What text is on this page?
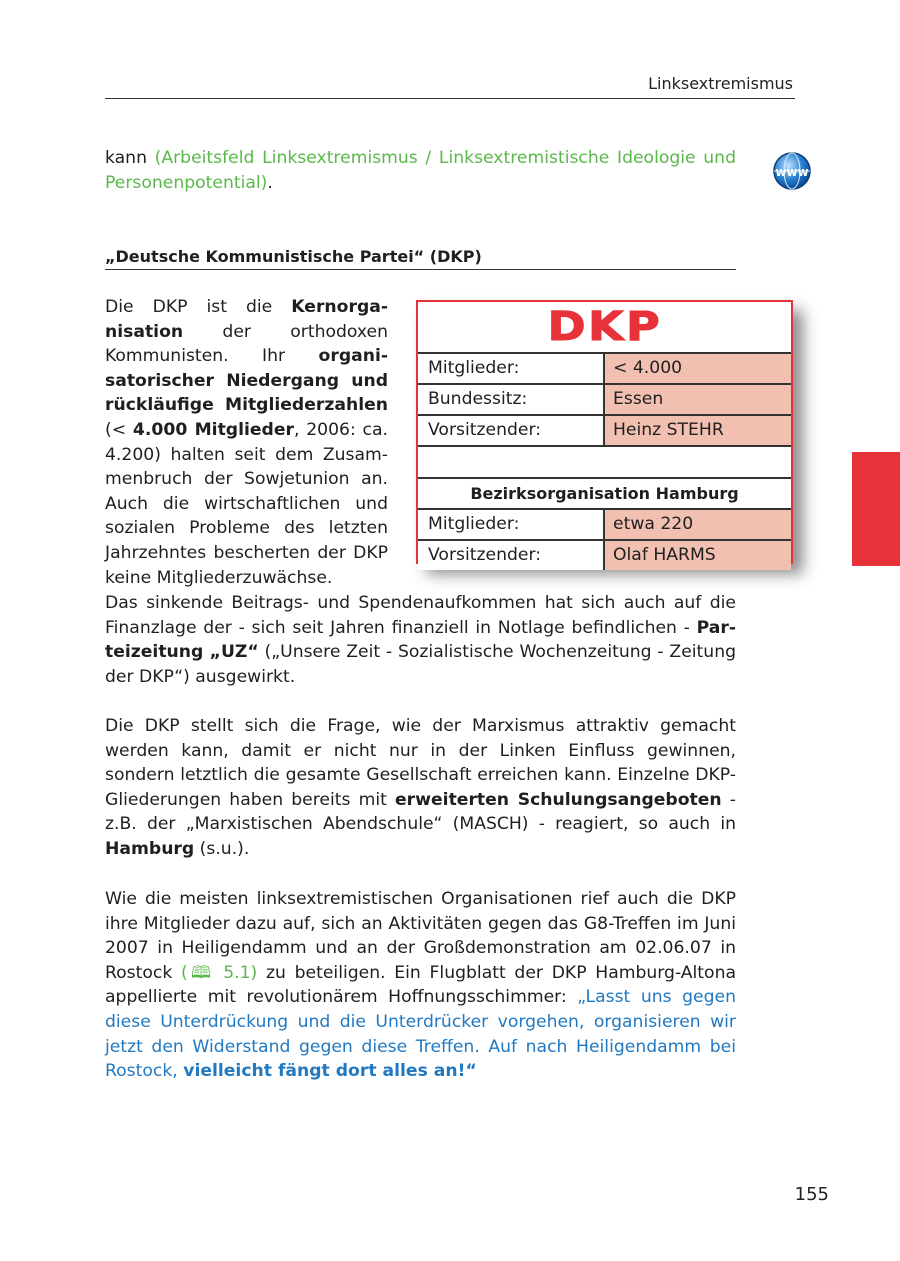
Linksextremismus
www
kann (Arbeitsfeld Linksextremismus / Linksextremistische Ideologie und Personenpotential).
„Deutsche Kommunistische Partei“ (DKP)
Die DKP ist die Kernorganisation der orthodoxen Kommunisten. Ihr organisatorischer Niedergang und rückläufige Mitgliederzahlen (< 4.000 Mitglieder, 2006: ca. 4.200) halten seit dem Zusammenbruch der Sowjetunion an. Auch die wirtschaftlichen und sozialen Probleme des letzten Jahrzehntes bescherten der DKP keine Mitgliederzuwächse.
Das sinkende Beitrags- und Spendenaufkommen hat sich auch auf die Finanzlage der - sich seit Jahren finanziell in Notlage befindlichen - Parteizeitung „UZ“ („Unsere Zeit - Sozialistische Wochenzeitung - Zeitung der DKP“) ausgewirkt.
DKP
Mitglieder:	< 4.000
Bundessitz:	Essen
Vorsitzender:	Heinz STEHR
Bezirksorganisation Hamburg
Mitglieder:	etwa 220
Vorsitzender:	Olaf HARMS
Die DKP stellt sich die Frage, wie der Marxismus attraktiv gemacht werden kann, damit er nicht nur in der Linken Einfluss gewinnen, sondern letztlich die gesamte Gesellschaft erreichen kann. Einzelne DKP-Gliederungen haben bereits mit erweiterten Schulungsangeboten - z.B. der „Marxistischen Abendschule“ (MASCH) - reagiert, so auch in Hamburg (s.u.).
Wie die meisten linksextremistischen Organisationen rief auch die DKP ihre Mitglieder dazu auf, sich an Aktivitäten gegen das G8-Treffen im Juni 2007 in Heiligendamm und an der Großdemonstration am 02.06.07 in Rostock (🕮 5.1) zu beteiligen. Ein Flugblatt der DKP Hamburg-Altona appellierte mit revolutionärem Hoffnungsschimmer: „Lasst uns gegen diese Unterdrückung und die Unterdrücker vorgehen, organisieren wir jetzt den Widerstand gegen diese Treffen. Auf nach Heiligendamm bei Rostock, vielleicht fängt dort alles an!“
155
